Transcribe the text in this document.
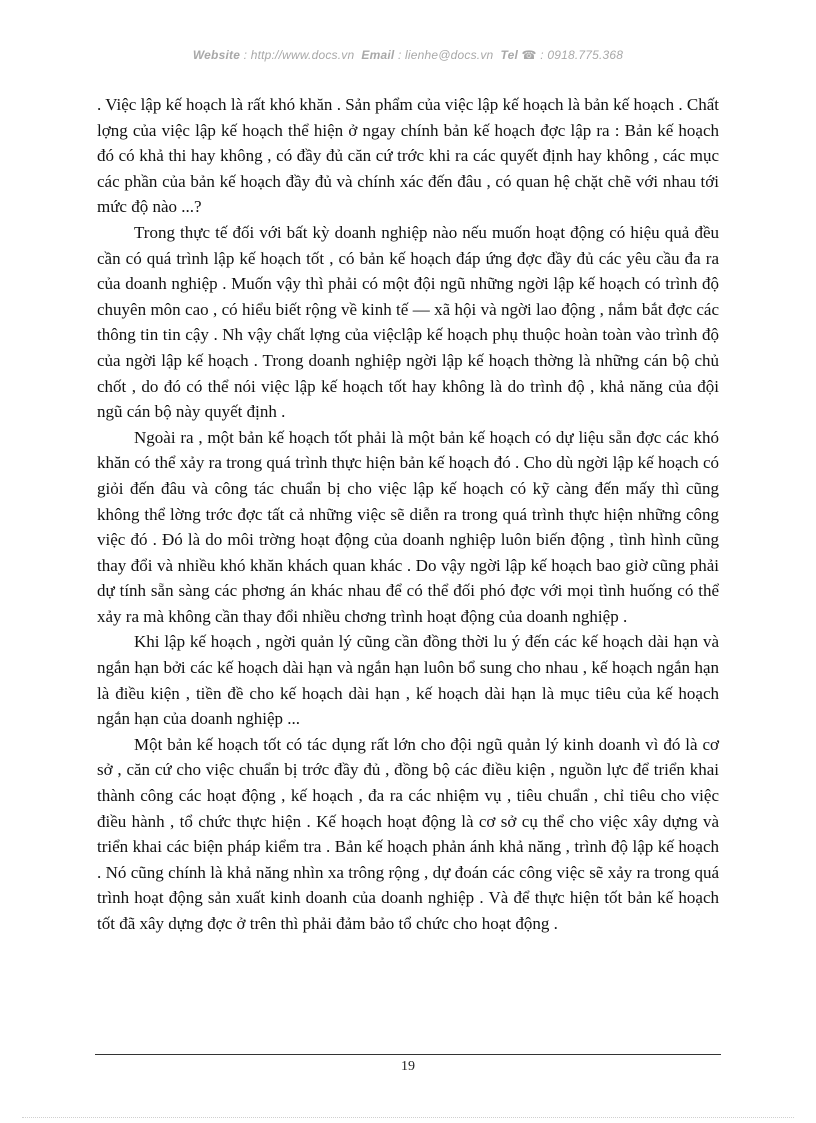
Website : http://www.docs.vn Email : lienhe@docs.vn Tel ☎ : 0918.775.368

. Việc lập kế hoạch là rất khó khăn . Sản phẩm của việc lập kế hoạch là bản kế hoạch . Chất lợng của việc lập kế hoạch thể hiện ở ngay chính bản kế hoạch đợc lập ra : Bản kế hoạch đó có khả thi hay không , có đầy đủ căn cứ trớc khi ra các quyết định hay không , các mục các phần của bản kế hoạch đầy đủ và chính xác đến đâu , có quan hệ chặt chẽ với nhau tới mức độ nào ...?

Trong thực tế đối với bất kỳ doanh nghiệp nào nếu muốn hoạt động có hiệu quả đều cần có quá trình lập kế hoạch tốt , có bản kế hoạch đáp ứng đợc đầy đủ các yêu cầu đa ra của doanh nghiệp . Muốn vậy thì phải có một đội ngũ những ngời lập kế hoạch có trình độ chuyên môn cao , có hiểu biết rộng về kinh tế — xã hội và ngời lao động , nắm bắt đợc các thông tin tin cậy . Nh vậy chất lợng của việclập kế hoạch phụ thuộc hoàn toàn vào trình độ của ngời lập kế hoạch . Trong doanh nghiệp ngời lập kế hoạch thờng là những cán bộ chủ chốt , do đó có thể nói việc lập kế hoạch tốt hay không là do trình độ , khả năng của đội ngũ cán bộ này quyết định .

Ngoài ra , một bản kế hoạch tốt phải là một bản kế hoạch có dự liệu sẵn đợc các khó khăn có thể xảy ra trong quá trình thực hiện bản kế hoạch đó . Cho dù ngời lập kế hoạch có giỏi đến đâu và công tác chuẩn bị cho việc lập kế hoạch có kỹ càng đến mấy thì cũng không thể lờng trớc đợc tất cả những việc sẽ diễn ra trong quá trình thực hiện những công việc đó . Đó là do môi trờng hoạt động của doanh nghiệp luôn biến động , tình hình cũng thay đổi và nhiều khó khăn khách quan khác . Do vậy ngời lập kế hoạch bao giờ cũng phải dự tính sẵn sàng các phơng án khác nhau để có thể đối phó đợc với mọi tình huống có thể xảy ra mà không cần thay đổi nhiều chơng trình hoạt động của doanh nghiệp .

Khi lập kế hoạch , ngời quản lý cũng cần đồng thời lu ý đến các kế hoạch dài hạn và ngắn hạn bởi các kế hoạch dài hạn và ngắn hạn luôn bổ sung cho nhau , kế hoạch ngắn hạn là điều kiện , tiền đề cho kế hoạch dài hạn , kế hoạch dài hạn là mục tiêu của kế hoạch ngắn hạn của doanh nghiệp ...

Một bản kế hoạch tốt có tác dụng rất lớn cho đội ngũ quản lý kinh doanh vì đó là cơ sở , căn cứ cho việc chuẩn bị trớc đầy đủ , đồng bộ các điều kiện , nguồn lực để triển khai thành công các hoạt động , kế hoạch , đa ra các nhiệm vụ , tiêu chuẩn , chỉ tiêu cho việc điều hành , tổ chức thực hiện . Kế hoạch hoạt động là cơ sở cụ thể cho việc xây dựng và triển khai các biện pháp kiểm tra . Bản kế hoạch phản ánh khả năng , trình độ lập kế hoạch . Nó cũng chính là khả năng nhìn xa trông rộng , dự đoán các công việc sẽ xảy ra trong quá trình hoạt động sản xuất kinh doanh của doanh nghiệp . Và để thực hiện tốt bản kế hoạch tốt đã xây dựng đợc ở trên thì phải đảm bảo tổ chức cho hoạt động .

19
